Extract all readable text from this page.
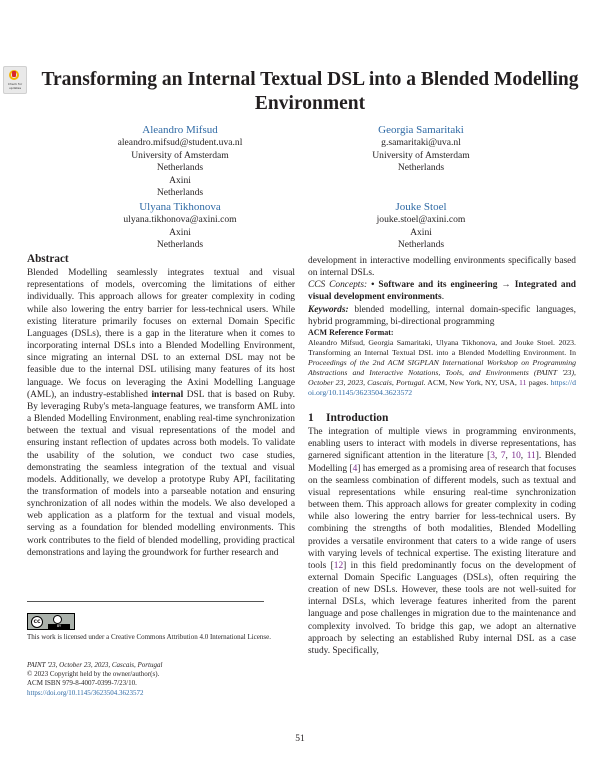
Check for updates	Transforming an Internal Textual DSL into a Blended Modelling Environment
Aleandro Mifsud
aleandro.mifsud@student.uva.nl
University of Amsterdam
Netherlands
Axini
Netherlands
Georgia Samaritaki
g.samaritaki@uva.nl
University of Amsterdam
Netherlands
Ulyana Tikhonova
ulyana.tikhonova@axini.com
Axini
Netherlands
Jouke Stoel
jouke.stoel@axini.com
Axini
Netherlands
Abstract

Blended Modelling seamlessly integrates textual and visual representations of models, overcoming the limitations of either individually. This approach allows for greater complexity in coding while also lowering the entry barrier for less-technical users. While existing literature primarily focuses on external Domain Specific Languages (DSLs), there is a gap in the literature when it comes to incorporating internal DSLs into a Blended Modelling Environment, since migrating an internal DSL to an external DSL may not be feasible due to the internal DSL utilising many features of its host language. We focus on leveraging the Axini Modelling Language (AML), an industry-established internal DSL that is based on Ruby. By leveraging Ruby's meta-language features, we transform AML into a Blended Modelling Environment, enabling real-time synchronization between the textual and visual representations of the model and ensuring instant reflection of updates across both models. To validate the usability of the solution, we conduct two case studies, demonstrating the seamless integration of the textual and visual models. Additionally, we develop a prototype Ruby API, facilitating the transformation of models into a parseable notation and ensuring synchronization of all nodes within the models. We also developed a web application as a platform for the textual and visual models, serving as a foundation for blended modelling environments. This work contributes to the field of blended modelling, providing practical demonstrations and laying the groundwork for further research and

cc
BY
This work is licensed under a Creative Commons Attribution 4.0 International License.
PAINT '23, October 23, 2023, Cascais, Portugal
© 2023 Copyright held by the owner/author(s).
ACM ISBN 979-8-4007-0399-7/23/10.
https://doi.org/10.1145/3623504.3623572

development in interactive modelling environments specifically based on internal DSLs.

CCS Concepts: • Software and its engineering → Integrated and visual development environments.

Keywords: blended modelling, internal domain-specific languages, hybrid programming, bi-directional programming

ACM Reference Format:
Aleandro Mifsud, Georgia Samaritaki, Ulyana Tikhonova, and Jouke Stoel. 2023. Transforming an Internal Textual DSL into a Blended Modelling Environment. In Proceedings of the 2nd ACM SIGPLAN International Workshop on Programming Abstractions and Interactive Notations, Tools, and Environments (PAINT '23), October 23, 2023, Cascais, Portugal. ACM, New York, NY, USA, 11 pages. https://doi.org/10.1145/3623504.3623572

1 Introduction

The integration of multiple views in programming environments, enabling users to interact with models in diverse representations, has garnered significant attention in the literature [3, 7, 10, 11]. Blended Modelling [4] has emerged as a promising area of research that focuses on the seamless combination of different models, such as textual and visual representations while ensuring real-time synchronization between them. This approach allows for greater complexity in coding while also lowering the entry barrier for less-technical users. By combining the strengths of both modalities, Blended Modelling provides a versatile environment that caters to a wide range of users with varying levels of technical expertise. The existing literature and tools [12] in this field predominantly focus on the development of external Domain Specific Languages (DSLs), often requiring the creation of new DSLs. However, these tools are not well-suited for internal DSLs, which leverage features inherited from the parent language and pose challenges in migration due to the maintenance and complexity involved. To bridge this gap, we adopt an alternative approach by selecting an established Ruby internal DSL as a case study. Specifically,

51
